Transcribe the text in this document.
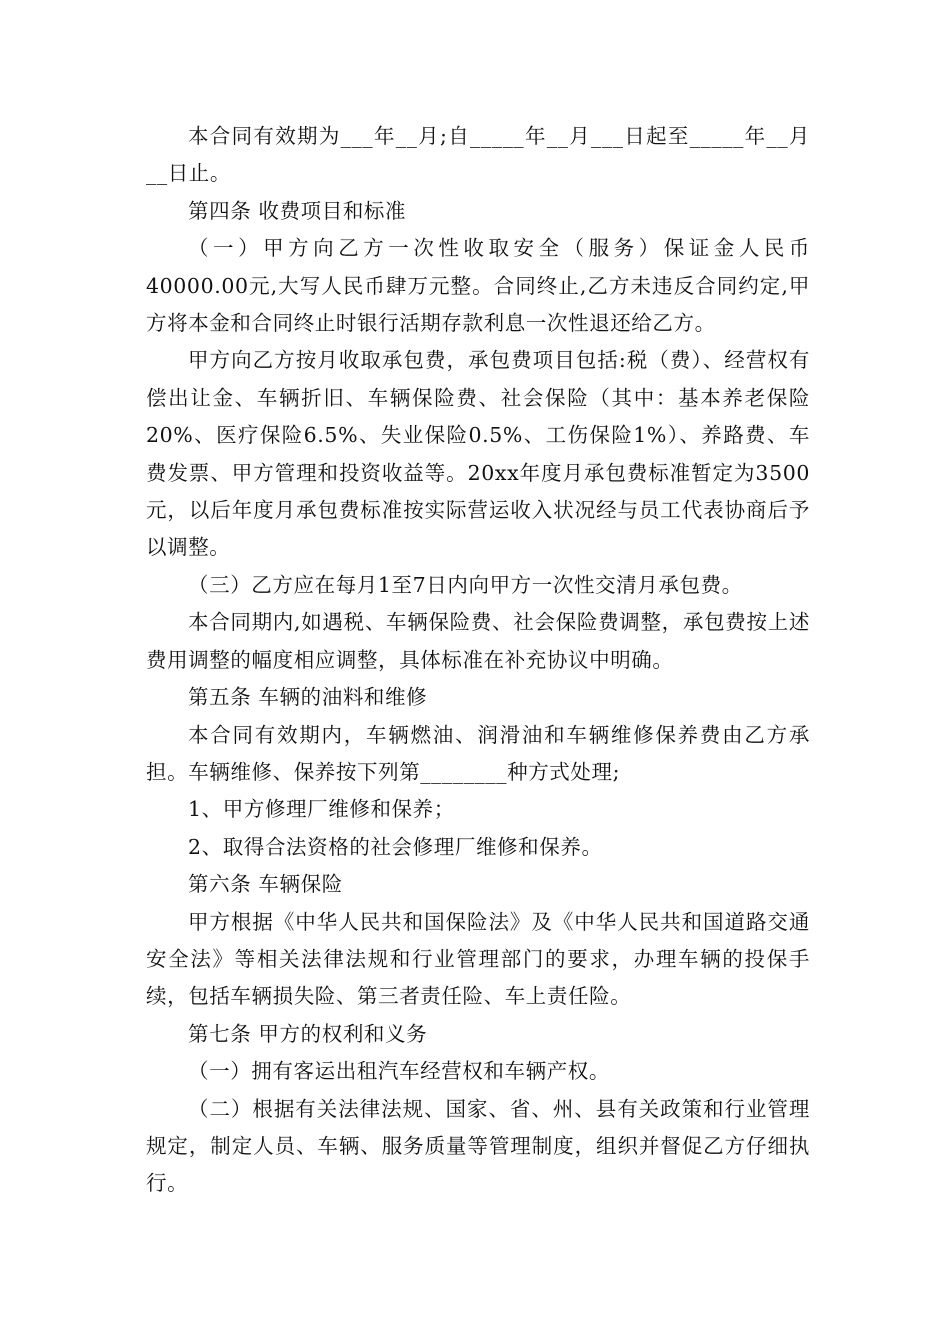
本合同有效期为___年__月;自_____年__月___日起至_____年__月__日止。

第四条 收费项目和标准

（一）甲方向乙方一次性收取安全（服务）保证金人民币40000.00元,大写人民币肆万元整。合同终止,乙方未违反合同约定,甲方将本金和合同终止时银行活期存款利息一次性退还给乙方。

甲方向乙方按月收取承包费，承包费项目包括:税（费）、经营权有偿出让金、车辆折旧、车辆保险费、社会保险（其中：基本养老保险20%、医疗保险6.5%、失业保险0.5%、工伤保险1%）、养路费、车费发票、甲方管理和投资收益等。20xx年度月承包费标准暂定为3500元，以后年度月承包费标准按实际营运收入状况经与员工代表协商后予以调整。

（三）乙方应在每月1至7日内向甲方一次性交清月承包费。

本合同期内,如遇税、车辆保险费、社会保险费调整，承包费按上述费用调整的幅度相应调整，具体标准在补充协议中明确。

第五条 车辆的油料和维修

本合同有效期内，车辆燃油、润滑油和车辆维修保养费由乙方承担。车辆维修、保养按下列第________种方式处理;

1、甲方修理厂维修和保养；

2、取得合法资格的社会修理厂维修和保养。

第六条 车辆保险

甲方根据《中华人民共和国保险法》及《中华人民共和国道路交通安全法》等相关法律法规和行业管理部门的要求，办理车辆的投保手续，包括车辆损失险、第三者责任险、车上责任险。

第七条 甲方的权利和义务

（一）拥有客运出租汽车经营权和车辆产权。

（二）根据有关法律法规、国家、省、州、县有关政策和行业管理规定，制定人员、车辆、服务质量等管理制度，组织并督促乙方仔细执行。
